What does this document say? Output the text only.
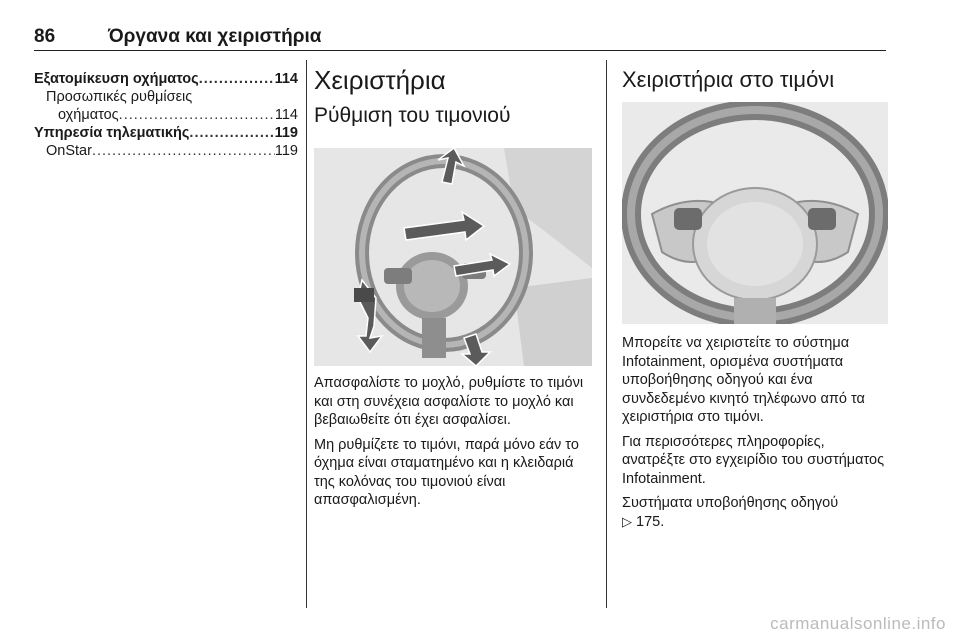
86	Όργανα και χειριστήρια
Εξατομίκευση οχήματος .....	114
Προσωπικές ρυθμίσεις
οχήματος .....	114
Υπηρεσία τηλεματικής .....	119
OnStar .....	119
Χειριστήρια
Ρύθμιση του τιμονιού

Απασφαλίστε το μοχλό, ρυθμίστε το τιμόνι και στη συνέχεια ασφαλίστε το μοχλό και βεβαιωθείτε ότι έχει ασφαλίσει.

Μη ρυθμίζετε το τιμόνι, παρά μόνο εάν το όχημα είναι σταματημένο και η κλειδαριά της κολόνας του τιμονιού είναι απασφαλισμένη.

Χειριστήρια στο τιμόνι

Μπορείτε να χειριστείτε το σύστημα Infotainment, ορισμένα συστήματα υποβοήθησης οδηγού και ένα συνδεδεμένο κινητό τηλέφωνο από τα χειριστήρια στο τιμόνι.

Για περισσότερες πληροφορίες, ανατρέξτε στο εγχειρίδιο του συστήματος Infotainment.

Συστήματα υποβοήθησης οδηγού

▷ 175.

carmanualsonline.info
